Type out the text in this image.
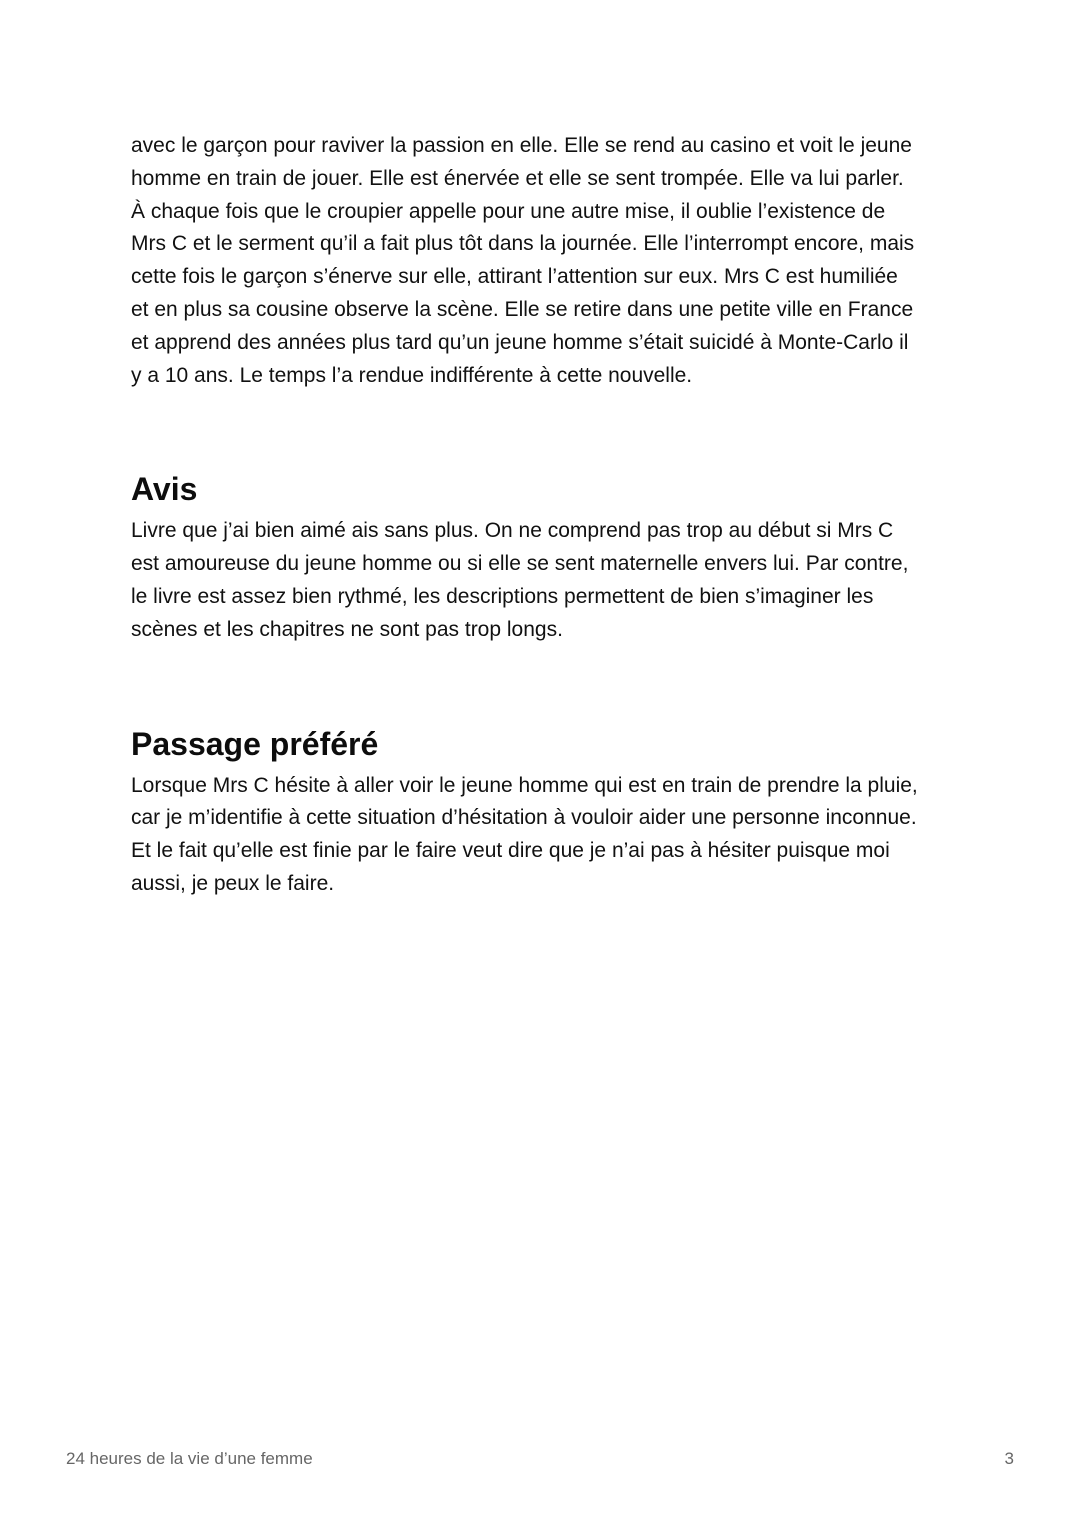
avec le garçon pour raviver la passion en elle. Elle se rend au casino et voit le jeune
homme en train de jouer. Elle est énervée et elle se sent trompée. Elle va lui parler.
À chaque fois que le croupier appelle pour une autre mise, il oublie l’existence de
Mrs C et le serment qu’il a fait plus tôt dans la journée. Elle l’interrompt encore, mais
cette fois le garçon s’énerve sur elle, attirant l’attention sur eux. Mrs C est humiliée
et en plus sa cousine observe la scène. Elle se retire dans une petite ville en France
et apprend des années plus tard qu’un jeune homme s’était suicidé à Monte-Carlo il
y a 10 ans. Le temps l’a rendue indifférente à cette nouvelle.

Avis

Livre que j’ai bien aimé ais sans plus. On ne comprend pas trop au début si Mrs C
est amoureuse du jeune homme ou si elle se sent maternelle envers lui. Par contre,
le livre est assez bien rythmé, les descriptions permettent de bien s’imaginer les
scènes et les chapitres ne sont pas trop longs.

Passage préféré

Lorsque Mrs C hésite à aller voir le jeune homme qui est en train de prendre la pluie,
car je m’identifie à cette situation d’hésitation à vouloir aider une personne inconnue.
Et le fait qu’elle est finie par le faire veut dire que je n’ai pas à hésiter puisque moi
aussi, je peux le faire.

24 heures de la vie d’une femme	3
